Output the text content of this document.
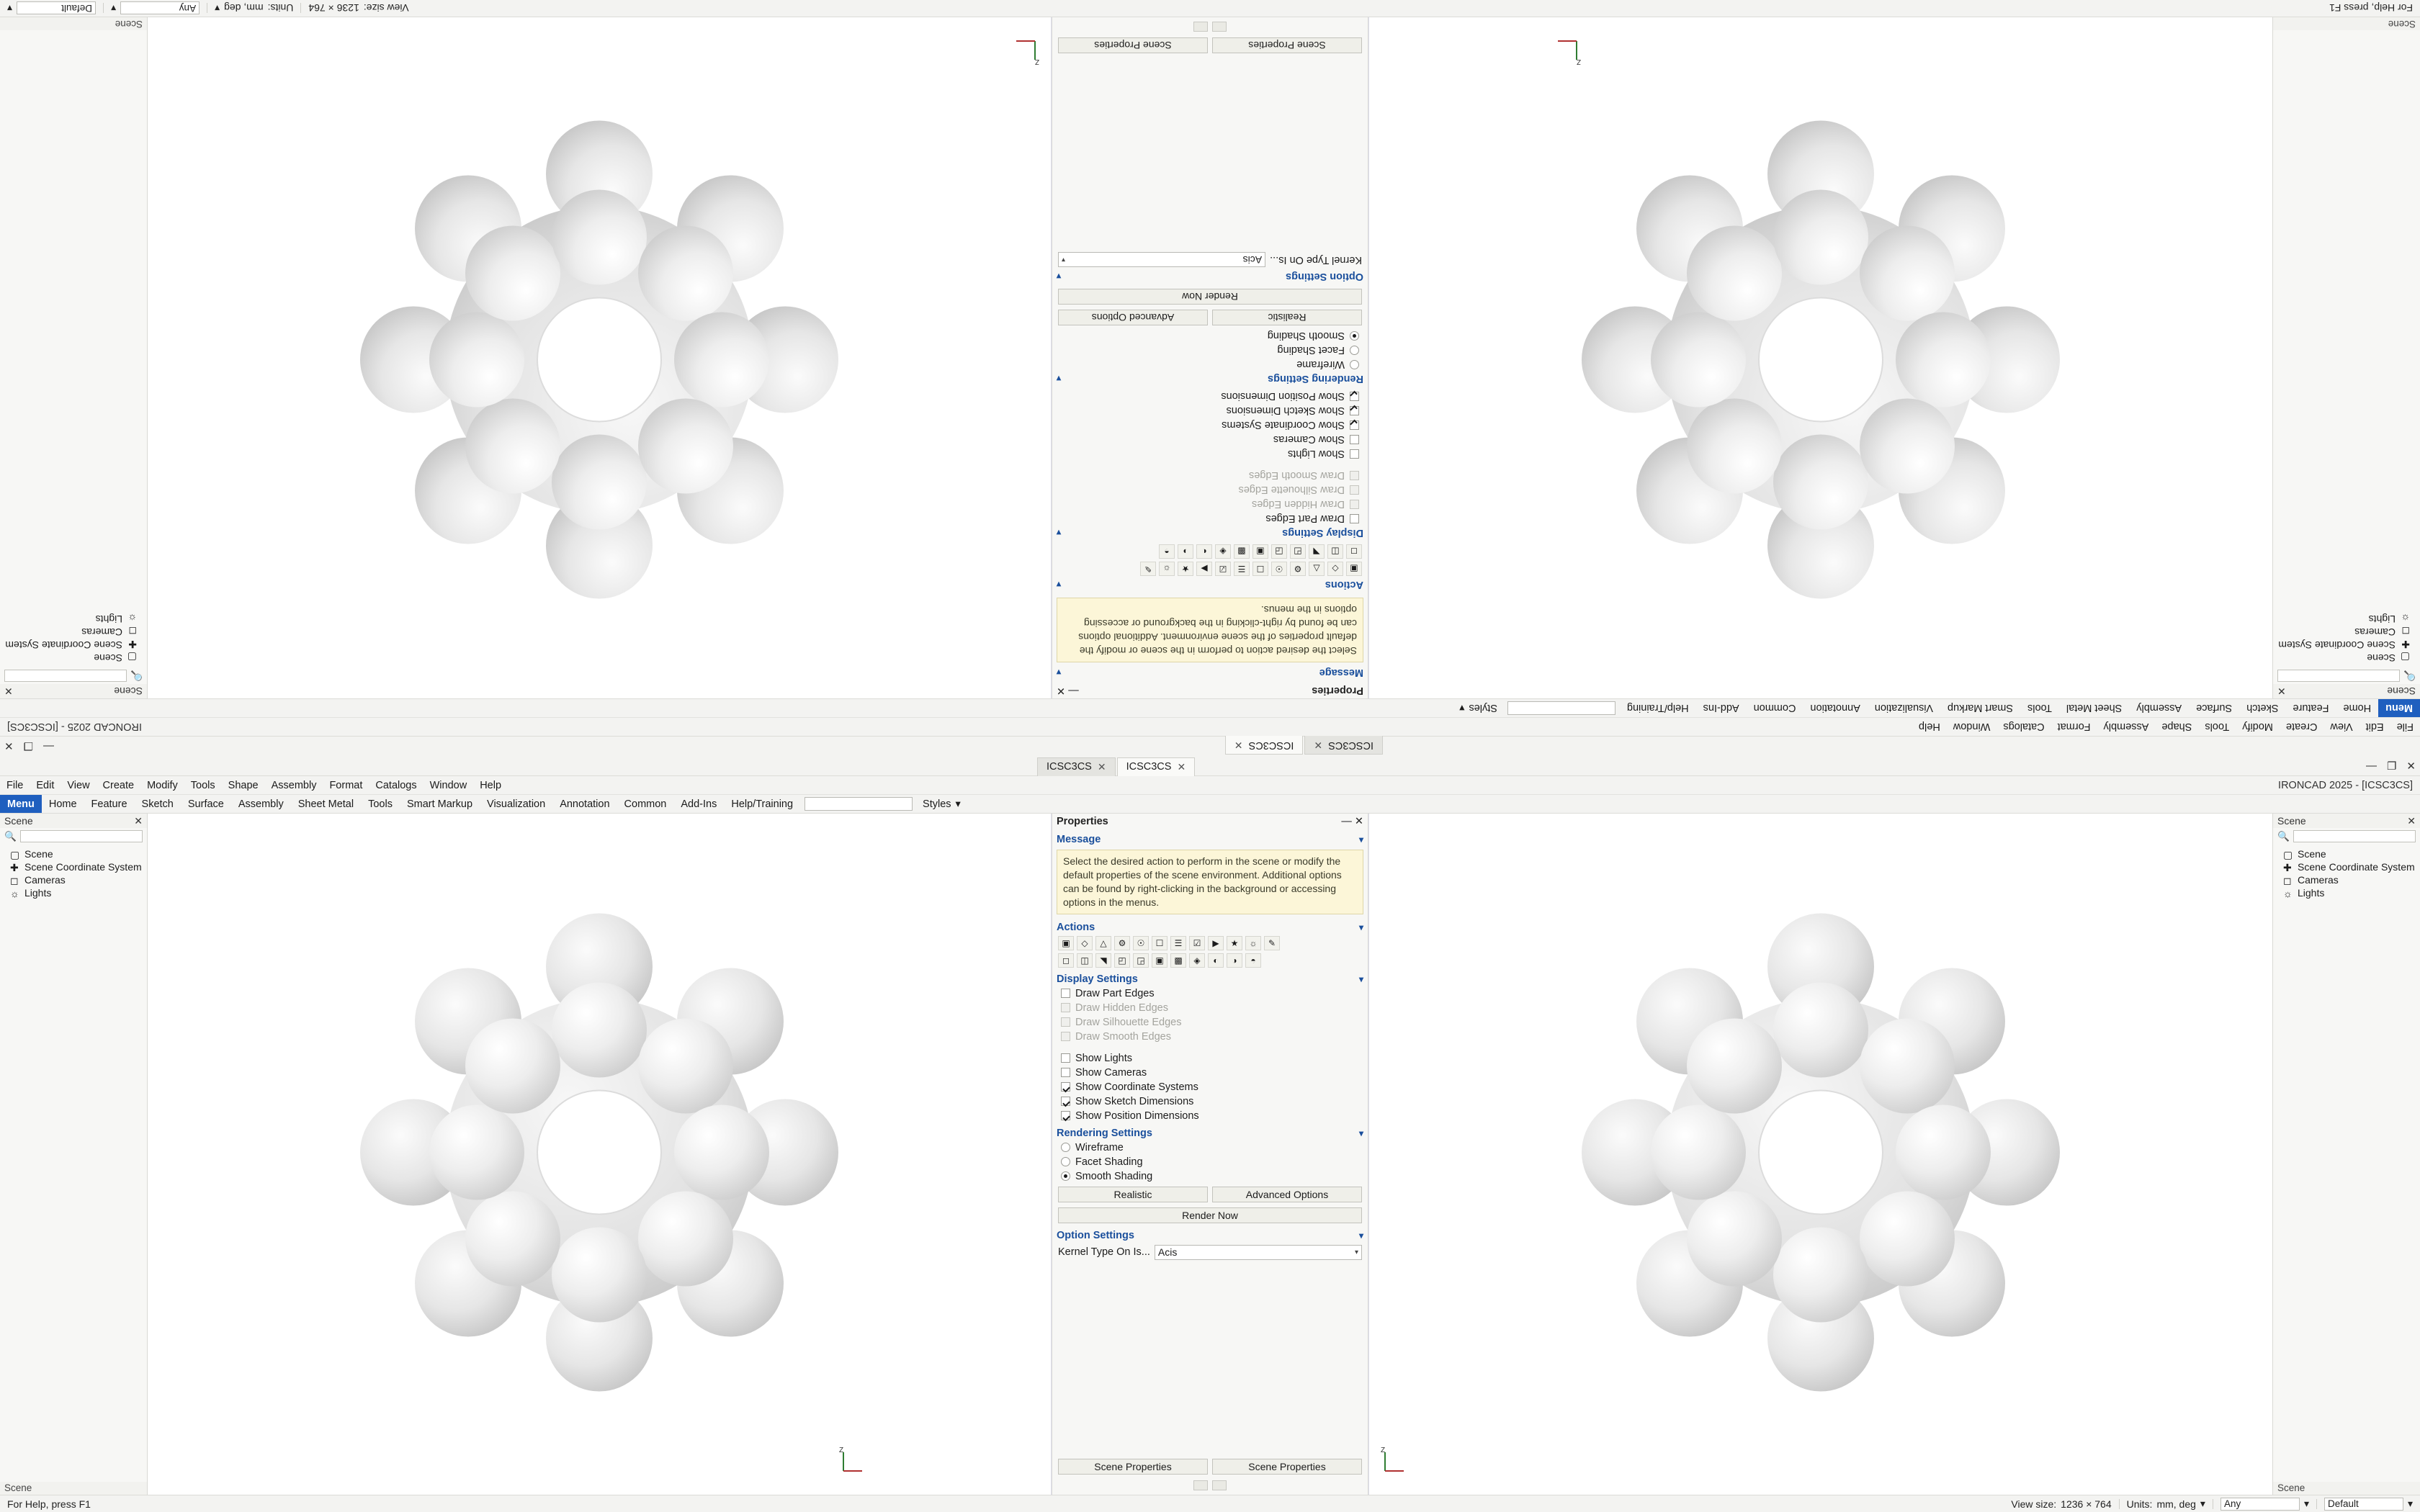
ICSC3CS ✕ ICSC3CS ✕	— ❐ ✕
File	Edit	View	Create	Modify	Tools	Shape	Assembly	Format	Catalogs	Window	Help	IRONCAD 2025 - [ICSC3CS]
Menu	Home	Feature	Sketch	Surface	Assembly	Sheet Metal	Tools	Smart Markup	Visualization	Annotation	Common	Add-Ins	Help/Training	Styles ▾
Scene	✕
🔍
▢ Scene
✚ Scene Coordinate System
◻ Cameras
☼ Lights
Scene
Z
Properties	— ✕
Message	▾
Select the desired action to perform in the scene or modify the default properties of the scene environment. Additional options can be found by right-clicking in the background or accessing options in the menus.
Actions	▾
▣	◇	△	⚙	☉	☐	☰	☑	▶	★	☼	✎
◻	◫	◥	◰	◲	▣	▩	◈	◐	◑	◓
Display Settings	▾
Draw Part Edges
Draw Hidden Edges
Draw Silhouette Edges
Draw Smooth Edges
Show Lights
Show Cameras
Show Coordinate Systems
Show Sketch Dimensions
Show Position Dimensions
Rendering Settings	▾
Wireframe
Facet Shading
Smooth Shading
Realistic	Advanced Options
Render Now
Option Settings	▾
Kernel Type On Is... Acis	▾
Scene Properties	Scene Properties
Z
Scene	✕
🔍
▢ Scene
✚ Scene Coordinate System
◻ Cameras
☼ Lights
Scene
For Help, press F1	View size: 1236 × 764 Units: mm, deg ▾ Any	▾ Default	▾
ICSC3CS
✕
ICSC3CS
✕
—
❐
✕
File
Edit
View
Create
Modify
Tools
Shape
Assembly
Format
Catalogs
Window
Help
IRONCAD 2025 - [ICSC3CS]
Menu
Home
Feature
Sketch
Surface
Assembly
Sheet Metal
Tools
Smart Markup
Visualization
Annotation
Common
Add-Ins
Help/Training
Styles
▾
Scene
✕
🔍
▢
Scene
✚
Scene Coordinate System
◻
Cameras
☼
Lights
Scene
Z
Properties
— ✕
Message
▾
Select the desired action to perform in the scene or modify the default properties of the scene environment. Additional options can be found by right-clicking in the background or accessing options in the menus.
Actions
▾
▣
◇
△
⚙
☉
☐
☰
☑
▶
★
☼
✎
◻
◫
◥
◰
◲
▣
▩
◈
◐
◑
◓
Display Settings
▾
Draw Part Edges
Draw Hidden Edges
Draw Silhouette Edges
Draw Smooth Edges
Show Lights
Show Cameras
Show Coordinate Systems
Show Sketch Dimensions
Show Position Dimensions
Rendering Settings
▾
Wireframe
Facet Shading
Smooth Shading
Realistic
Advanced Options
Render Now
Option Settings
▾
Kernel Type On Is...
Acis
▾
Scene Properties
Scene Properties
Z
Scene
✕
🔍
▢
Scene
✚
Scene Coordinate System
◻
Cameras
☼
Lights
Scene
For Help, press F1
View size:
1236 × 764
Units:
mm, deg
▾
Any
▾
Default
▾
